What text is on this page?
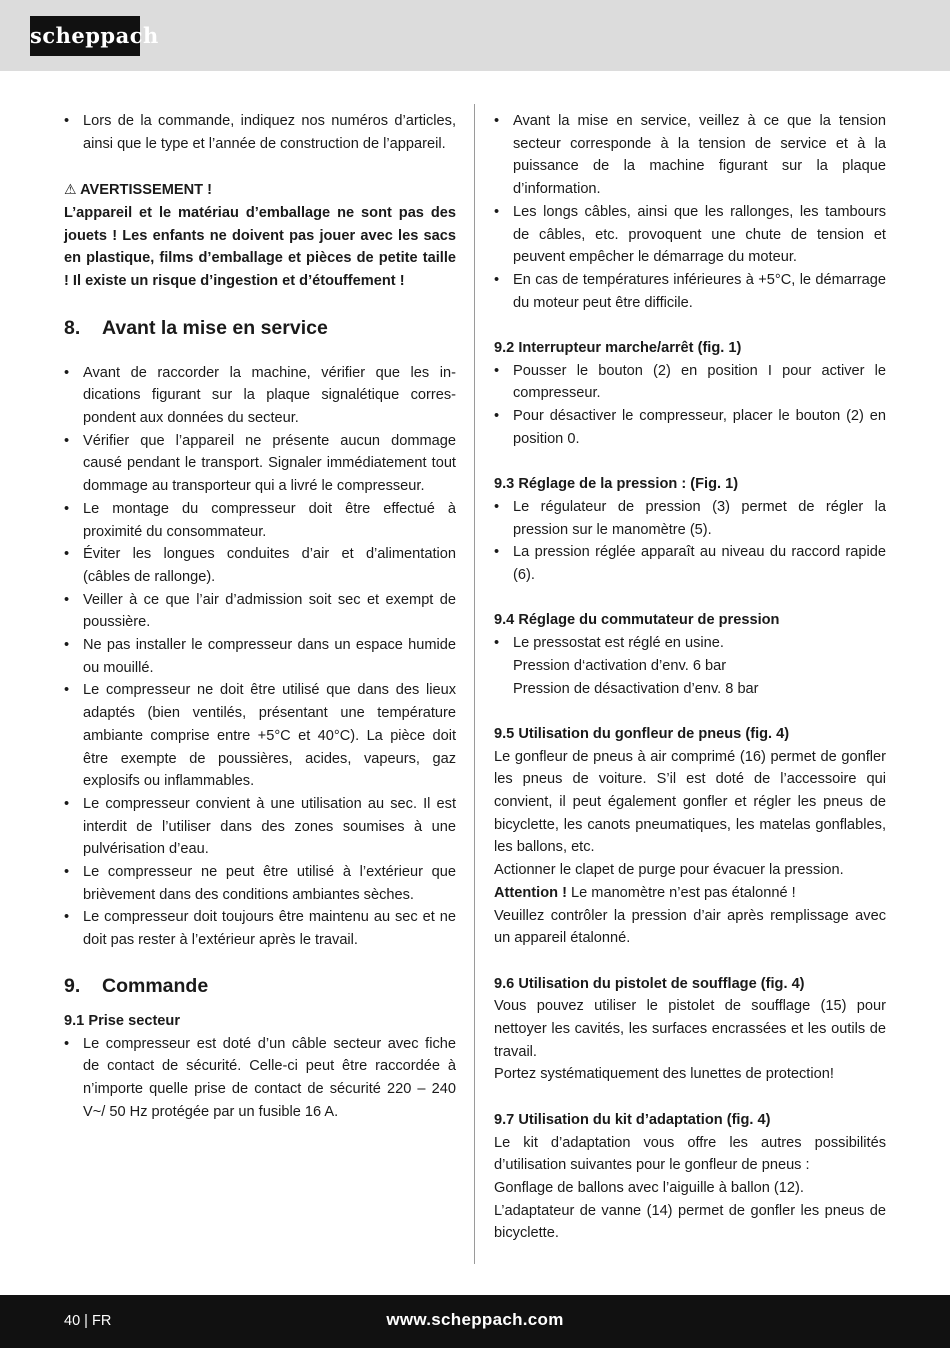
scheppach
• Lors de la commande, indiquez nos numéros d’articles, ainsi que le type et l’année de construction de l’appareil.

⚠ AVERTISSEMENT !

L’appareil et le matériau d’emballage ne sont pas des jouets ! Les enfants ne doivent pas jouer avec les sacs en plastique, films d’emballage et pièces de petite taille ! Il existe un risque d’ingestion et d’étouffement !

8.	Avant la mise en service
• Avant de raccorder la machine, vérifier que les indications figurant sur la plaque signalétique correspondent aux données du secteur.
• Vérifier que l’appareil ne présente aucun dommage causé pendant le transport. Signaler immédiatement tout dommage au transporteur qui a livré le compresseur.
• Le montage du compresseur doit être effectué à proximité du consommateur.
• Éviter les longues conduites d’air et d’alimentation (câbles de rallonge).
• Veiller à ce que l’air d’admission soit sec et exempt de poussière.
• Ne pas installer le compresseur dans un espace humide ou mouillé.
• Le compresseur ne doit être utilisé que dans des lieux adaptés (bien ventilés, présentant une température ambiante comprise entre +5°C et 40°C). La pièce doit être exempte de poussières, acides, vapeurs, gaz explosifs ou inflammables.
• Le compresseur convient à une utilisation au sec. Il est interdit de l’utiliser dans des zones soumises à une pulvérisation d’eau.
• Le compresseur ne peut être utilisé à l’extérieur que brièvement dans des conditions ambiantes sèches.
• Le compresseur doit toujours être maintenu au sec et ne doit pas rester à l’extérieur après le travail.
9.	Commande

9.1 Prise secteur

• Le compresseur est doté d’un câble secteur avec fiche de contact de sécurité. Celle-ci peut être raccordée à n’importe quelle prise de contact de sécurité 220 – 240 V~/ 50 Hz protégée par un fusible 16 A.
• Avant la mise en service, veillez à ce que la tension secteur corresponde à la tension de service et à la puissance de la machine figurant sur la plaque d’information.
• Les longs câbles, ainsi que les rallonges, les tambours de câbles, etc. provoquent une chute de tension et peuvent empêcher le démarrage du moteur.
• En cas de températures inférieures à +5°C, le démarrage du moteur peut être difficile.

9.2 Interrupteur marche/arrêt (fig. 1)

• Pousser le bouton (2) en position I pour activer le compresseur.
• Pour désactiver le compresseur, placer le bouton (2) en position 0.

9.3 Réglage de la pression : (Fig. 1)

• Le régulateur de pression (3) permet de régler la pression sur le manomètre (5).
• La pression réglée apparaît au niveau du raccord rapide (6).

9.4 Réglage du commutateur de pression

• Le pressostat est réglé en usine.
Pression d‘activation d’env. 6 bar
Pression de désactivation d’env. 8 bar

9.5 Utilisation du gonfleur de pneus (fig. 4)

Le gonfleur de pneus à air comprimé (16) permet de gonfler les pneus de voiture. S’il est doté de l’accessoire qui convient, il peut également gonfler et régler les pneus de bicyclette, les canots pneumatiques, les matelas gonflables, les ballons, etc.

Actionner le clapet de purge pour évacuer la pression.

Attention ! Le manomètre n’est pas étalonné !

Veuillez contrôler la pression d’air après remplissage avec un appareil étalonné.

9.6 Utilisation du pistolet de soufflage (fig. 4)

Vous pouvez utiliser le pistolet de soufflage (15) pour nettoyer les cavités, les surfaces encrassées et les outils de travail.

Portez systématiquement des lunettes de protection!

9.7 Utilisation du kit d’adaptation (fig. 4)

Le kit d’adaptation vous offre les autres possibilités d’utilisation suivantes pour le gonfleur de pneus :

Gonflage de ballons avec l’aiguille à ballon (12).

L’adaptateur de vanne (14) permet de gonfler les pneus de bicyclette.

40 | FR	www.scheppach.com
